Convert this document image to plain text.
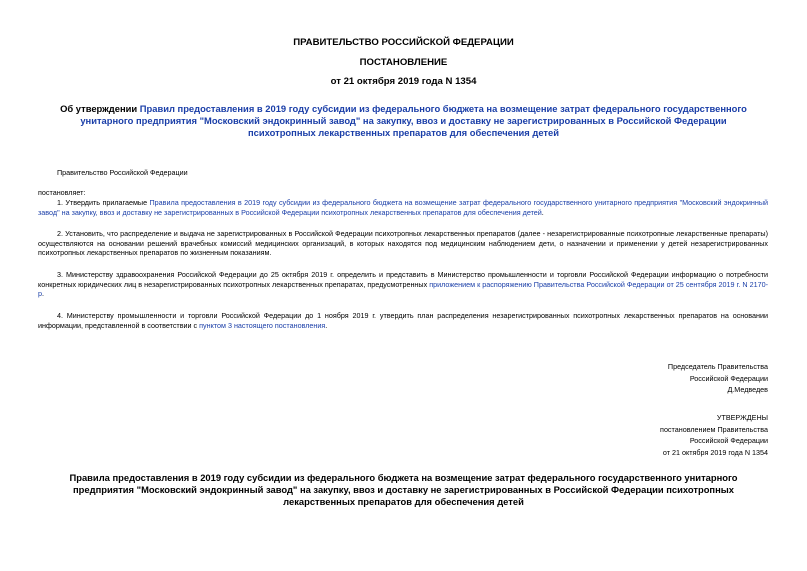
ПРАВИТЕЛЬСТВО РОССИЙСКОЙ ФЕДЕРАЦИИ
ПОСТАНОВЛЕНИЕ
от 21 октября 2019 года N 1354
Об утверждении Правил предоставления в 2019 году субсидии из федерального бюджета на возмещение затрат федерального государственного унитарного предприятия "Московский эндокринный завод" на закупку, ввоз и доставку не зарегистрированных в Российской Федерации психотропных лекарственных препаратов для обеспечения детей
Правительство Российской Федерации
постановляет:
1. Утвердить прилагаемые Правила предоставления в 2019 году субсидии из федерального бюджета на возмещение затрат федерального государственного унитарного предприятия "Московский эндокринный завод" на закупку, ввоз и доставку не зарегистрированных в Российской Федерации психотропных лекарственных препаратов для обеспечения детей.
2. Установить, что распределение и выдача не зарегистрированных в Российской Федерации психотропных лекарственных препаратов (далее - незарегистрированные психотропные лекарственные препараты) осуществляются на основании решений врачебных комиссий медицинских организаций, в которых находятся под медицинским наблюдением дети, о назначении и применении у детей незарегистрированных психотропных лекарственных препаратов по жизненным показаниям.
3. Министерству здравоохранения Российской Федерации до 25 октября 2019 г. определить и представить в Министерство промышленности и торговли Российской Федерации информацию о потребности конкретных юридических лиц в незарегистрированных психотропных лекарственных препаратах, предусмотренных приложением к распоряжению Правительства Российской Федерации от 25 сентября 2019 г. N 2170-р.
4. Министерству промышленности и торговли Российской Федерации до 1 ноября 2019 г. утвердить план распределения незарегистрированных психотропных лекарственных препаратов на основании информации, представленной в соответствии с пунктом 3 настоящего постановления.
Председатель Правительства
Российской Федерации
Д.Медведев
УТВЕРЖДЕНЫ
постановлением Правительства
Российской Федерации
от 21 октября 2019 года N 1354
Правила предоставления в 2019 году субсидии из федерального бюджета на возмещение затрат федерального государственного унитарного предприятия "Московский эндокринный завод" на закупку, ввоз и доставку не зарегистрированных в Российской Федерации психотропных лекарственных препаратов для обеспечения детей
